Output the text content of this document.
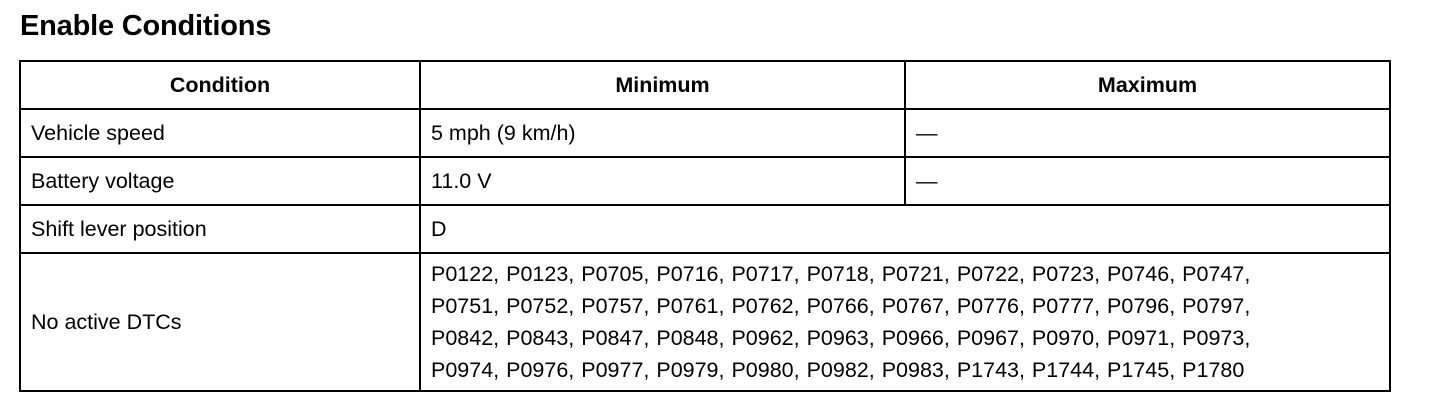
Enable Conditions
Condition	Minimum	Maximum
Vehicle speed	5 mph (9 km/h)	—
Battery voltage	11.0 V	—
Shift lever position	D	
No active DTCs	P0122, P0123, P0705, P0716, P0717, P0718, P0721, P0722, P0723, P0746, P0747,
P0751, P0752, P0757, P0761, P0762, P0766, P0767, P0776, P0777, P0796, P0797,
P0842, P0843, P0847, P0848, P0962, P0963, P0966, P0967, P0970, P0971, P0973,
P0974, P0976, P0977, P0979, P0980, P0982, P0983, P1743, P1744, P1745, P1780	
